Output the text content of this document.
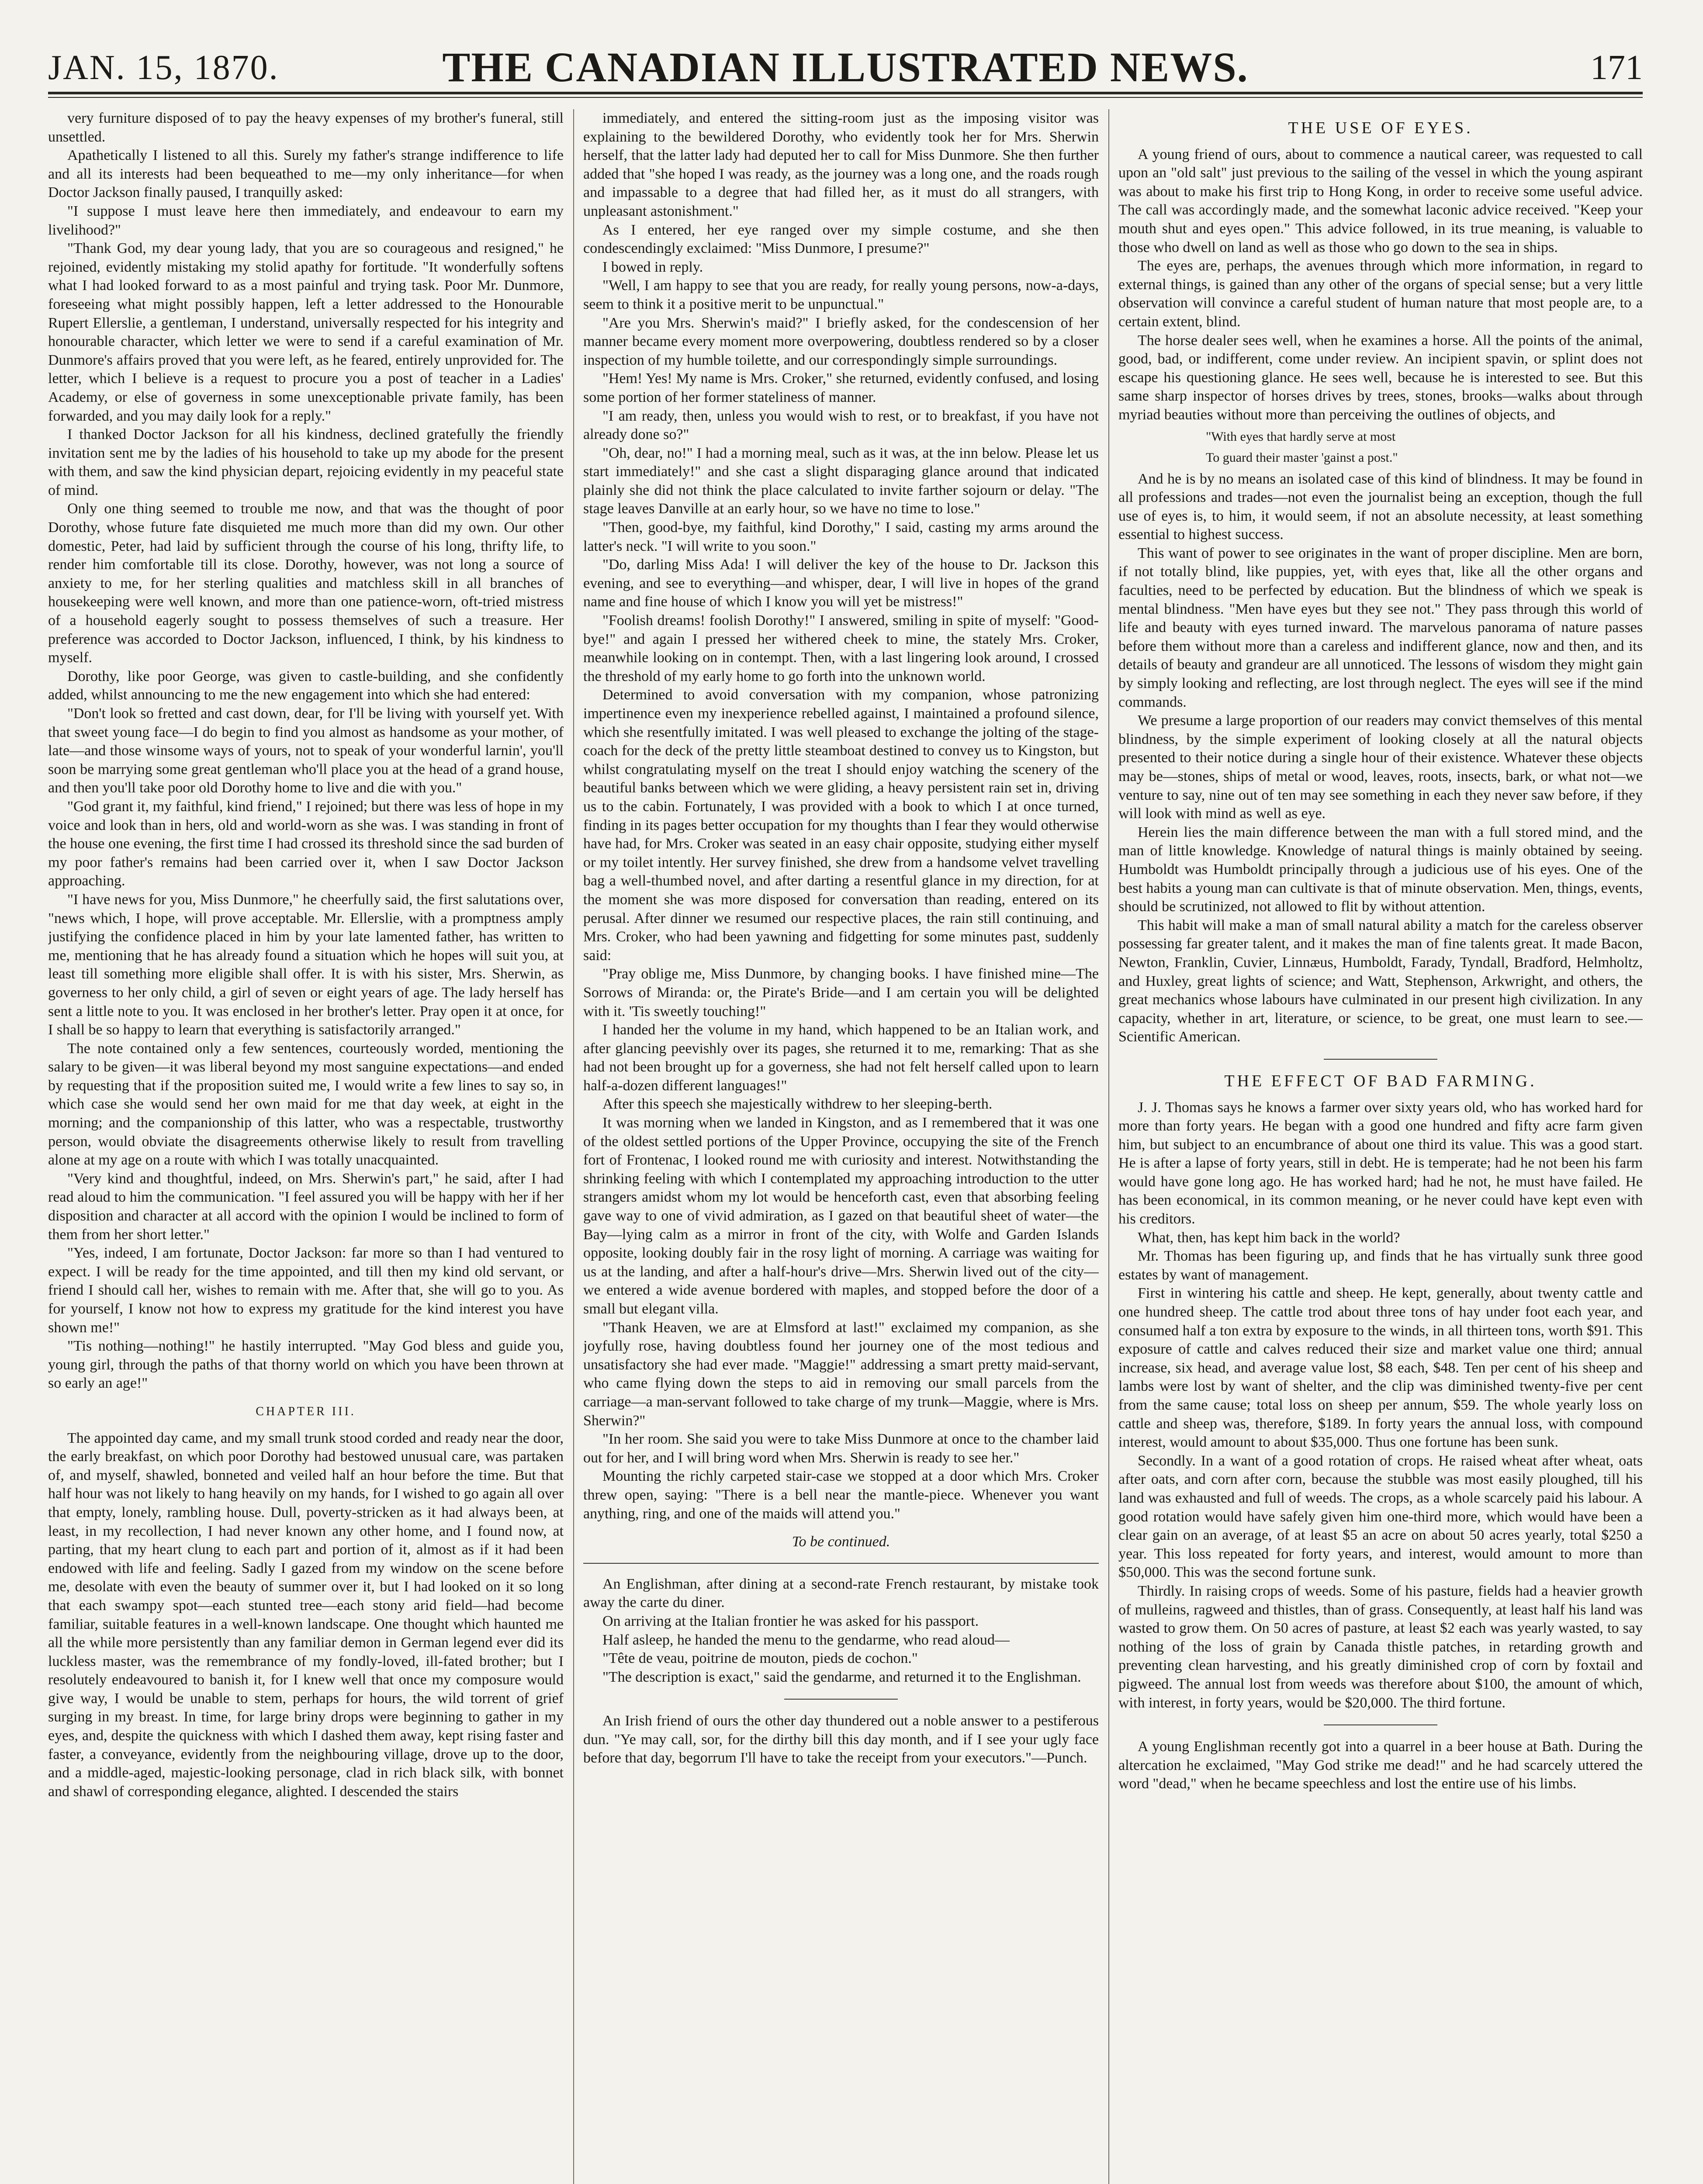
JAN. 15, 1870.	THE CANADIAN ILLUSTRATED NEWS.	171

very furniture disposed of to pay the heavy expenses of my brother's funeral, still unsettled.

Apathetically I listened to all this. Surely my father's strange indifference to life and all its interests had been bequeathed to me—my only inheritance—for when Doctor Jackson finally paused, I tranquilly asked:

"I suppose I must leave here then immediately, and endeavour to earn my livelihood?"

"Thank God, my dear young lady, that you are so courageous and resigned," he rejoined, evidently mistaking my stolid apathy for fortitude. "It wonderfully softens what I had looked forward to as a most painful and trying task. Poor Mr. Dunmore, foreseeing what might possibly happen, left a letter addressed to the Honourable Rupert Ellerslie, a gentleman, I understand, universally respected for his integrity and honourable character, which letter we were to send if a careful examination of Mr. Dunmore's affairs proved that you were left, as he feared, entirely unprovided for. The letter, which I believe is a request to procure you a post of teacher in a Ladies' Academy, or else of governess in some unexceptionable private family, has been forwarded, and you may daily look for a reply."

I thanked Doctor Jackson for all his kindness, declined gratefully the friendly invitation sent me by the ladies of his household to take up my abode for the present with them, and saw the kind physician depart, rejoicing evidently in my peaceful state of mind.

Only one thing seemed to trouble me now, and that was the thought of poor Dorothy, whose future fate disquieted me much more than did my own. Our other domestic, Peter, had laid by sufficient through the course of his long, thrifty life, to render him comfortable till its close. Dorothy, however, was not long a source of anxiety to me, for her sterling qualities and matchless skill in all branches of housekeeping were well known, and more than one patience-worn, oft-tried mistress of a household eagerly sought to possess themselves of such a treasure. Her preference was accorded to Doctor Jackson, influenced, I think, by his kindness to myself.

Dorothy, like poor George, was given to castle-building, and she confidently added, whilst announcing to me the new engagement into which she had entered:

"Don't look so fretted and cast down, dear, for I'll be living with yourself yet. With that sweet young face—I do begin to find you almost as handsome as your mother, of late—and those winsome ways of yours, not to speak of your wonderful larnin', you'll soon be marrying some great gentleman who'll place you at the head of a grand house, and then you'll take poor old Dorothy home to live and die with you."

"God grant it, my faithful, kind friend," I rejoined; but there was less of hope in my voice and look than in hers, old and world-worn as she was. I was standing in front of the house one evening, the first time I had crossed its threshold since the sad burden of my poor father's remains had been carried over it, when I saw Doctor Jackson approaching.

"I have news for you, Miss Dunmore," he cheerfully said, the first salutations over, "news which, I hope, will prove acceptable. Mr. Ellerslie, with a promptness amply justifying the confidence placed in him by your late lamented father, has written to me, mentioning that he has already found a situation which he hopes will suit you, at least till something more eligible shall offer. It is with his sister, Mrs. Sherwin, as governess to her only child, a girl of seven or eight years of age. The lady herself has sent a little note to you. It was enclosed in her brother's letter. Pray open it at once, for I shall be so happy to learn that everything is satisfactorily arranged."

The note contained only a few sentences, courteously worded, mentioning the salary to be given—it was liberal beyond my most sanguine expectations—and ended by requesting that if the proposition suited me, I would write a few lines to say so, in which case she would send her own maid for me that day week, at eight in the morning; and the companionship of this latter, who was a respectable, trustworthy person, would obviate the disagreements otherwise likely to result from travelling alone at my age on a route with which I was totally unacquainted.

"Very kind and thoughtful, indeed, on Mrs. Sherwin's part," he said, after I had read aloud to him the communication. "I feel assured you will be happy with her if her disposition and character at all accord with the opinion I would be inclined to form of them from her short letter."

"Yes, indeed, I am fortunate, Doctor Jackson: far more so than I had ventured to expect. I will be ready for the time appointed, and till then my kind old servant, or friend I should call her, wishes to remain with me. After that, she will go to you. As for yourself, I know not how to express my gratitude for the kind interest you have shown me!"

"Tis nothing—nothing!" he hastily interrupted. "May God bless and guide you, young girl, through the paths of that thorny world on which you have been thrown at so early an age!"

CHAPTER III.

The appointed day came, and my small trunk stood corded and ready near the door, the early breakfast, on which poor Dorothy had bestowed unusual care, was partaken of, and myself, shawled, bonneted and veiled half an hour before the time. But that half hour was not likely to hang heavily on my hands, for I wished to go again all over that empty, lonely, rambling house. Dull, poverty-stricken as it had always been, at least, in my recollection, I had never known any other home, and I found now, at parting, that my heart clung to each part and portion of it, almost as if it had been endowed with life and feeling. Sadly I gazed from my window on the scene before me, desolate with even the beauty of summer over it, but I had looked on it so long that each swampy spot—each stunted tree—each stony arid field—had become familiar, suitable features in a well-known landscape. One thought which haunted me all the while more persistently than any familiar demon in German legend ever did its luckless master, was the remembrance of my fondly-loved, ill-fated brother; but I resolutely endeavoured to banish it, for I knew well that once my composure would give way, I would be unable to stem, perhaps for hours, the wild torrent of grief surging in my breast. In time, for large briny drops were beginning to gather in my eyes, and, despite the quickness with which I dashed them away, kept rising faster and faster, a conveyance, evidently from the neighbouring village, drove up to the door, and a middle-aged, majestic-looking personage, clad in rich black silk, with bonnet and shawl of corresponding elegance, alighted. I descended the stairs

immediately, and entered the sitting-room just as the imposing visitor was explaining to the bewildered Dorothy, who evidently took her for Mrs. Sherwin herself, that the latter lady had deputed her to call for Miss Dunmore. She then further added that "she hoped I was ready, as the journey was a long one, and the roads rough and impassable to a degree that had filled her, as it must do all strangers, with unpleasant astonishment."

As I entered, her eye ranged over my simple costume, and she then condescendingly exclaimed: "Miss Dunmore, I presume?"

I bowed in reply.

"Well, I am happy to see that you are ready, for really young persons, now-a-days, seem to think it a positive merit to be unpunctual."

"Are you Mrs. Sherwin's maid?" I briefly asked, for the condescension of her manner became every moment more overpowering, doubtless rendered so by a closer inspection of my humble toilette, and our correspondingly simple surroundings.

"Hem! Yes! My name is Mrs. Croker," she returned, evidently confused, and losing some portion of her former stateliness of manner.

"I am ready, then, unless you would wish to rest, or to breakfast, if you have not already done so?"

"Oh, dear, no!" I had a morning meal, such as it was, at the inn below. Please let us start immediately!" and she cast a slight disparaging glance around that indicated plainly she did not think the place calculated to invite farther sojourn or delay. "The stage leaves Danville at an early hour, so we have no time to lose."

"Then, good-bye, my faithful, kind Dorothy," I said, casting my arms around the latter's neck. "I will write to you soon."

"Do, darling Miss Ada! I will deliver the key of the house to Dr. Jackson this evening, and see to everything—and whisper, dear, I will live in hopes of the grand name and fine house of which I know you will yet be mistress!"

"Foolish dreams! foolish Dorothy!" I answered, smiling in spite of myself: "Good-bye!" and again I pressed her withered cheek to mine, the stately Mrs. Croker, meanwhile looking on in contempt. Then, with a last lingering look around, I crossed the threshold of my early home to go forth into the unknown world.

Determined to avoid conversation with my companion, whose patronizing impertinence even my inexperience rebelled against, I maintained a profound silence, which she resentfully imitated. I was well pleased to exchange the jolting of the stage-coach for the deck of the pretty little steamboat destined to convey us to Kingston, but whilst congratulating myself on the treat I should enjoy watching the scenery of the beautiful banks between which we were gliding, a heavy persistent rain set in, driving us to the cabin. Fortunately, I was provided with a book to which I at once turned, finding in its pages better occupation for my thoughts than I fear they would otherwise have had, for Mrs. Croker was seated in an easy chair opposite, studying either myself or my toilet intently. Her survey finished, she drew from a handsome velvet travelling bag a well-thumbed novel, and after darting a resentful glance in my direction, for at the moment she was more disposed for conversation than reading, entered on its perusal. After dinner we resumed our respective places, the rain still continuing, and Mrs. Croker, who had been yawning and fidgetting for some minutes past, suddenly said:

"Pray oblige me, Miss Dunmore, by changing books. I have finished mine—The Sorrows of Miranda: or, the Pirate's Bride—and I am certain you will be delighted with it. 'Tis sweetly touching!"

I handed her the volume in my hand, which happened to be an Italian work, and after glancing peevishly over its pages, she returned it to me, remarking: That as she had not been brought up for a governess, she had not felt herself called upon to learn half-a-dozen different languages!"

After this speech she majestically withdrew to her sleeping-berth.

It was morning when we landed in Kingston, and as I remembered that it was one of the oldest settled portions of the Upper Province, occupying the site of the French fort of Frontenac, I looked round me with curiosity and interest. Notwithstanding the shrinking feeling with which I contemplated my approaching introduction to the utter strangers amidst whom my lot would be henceforth cast, even that absorbing feeling gave way to one of vivid admiration, as I gazed on that beautiful sheet of water—the Bay—lying calm as a mirror in front of the city, with Wolfe and Garden Islands opposite, looking doubly fair in the rosy light of morning. A carriage was waiting for us at the landing, and after a half-hour's drive—Mrs. Sherwin lived out of the city—we entered a wide avenue bordered with maples, and stopped before the door of a small but elegant villa.

"Thank Heaven, we are at Elmsford at last!" exclaimed my companion, as she joyfully rose, having doubtless found her journey one of the most tedious and unsatisfactory she had ever made. "Maggie!" addressing a smart pretty maid-servant, who came flying down the steps to aid in removing our small parcels from the carriage—a man-servant followed to take charge of my trunk—Maggie, where is Mrs. Sherwin?"

"In her room. She said you were to take Miss Dunmore at once to the chamber laid out for her, and I will bring word when Mrs. Sherwin is ready to see her."

Mounting the richly carpeted stair-case we stopped at a door which Mrs. Croker threw open, saying: "There is a bell near the mantle-piece. Whenever you want anything, ring, and one of the maids will attend you."

To be continued.

An Englishman, after dining at a second-rate French restaurant, by mistake took away the carte du diner.

On arriving at the Italian frontier he was asked for his passport.

Half asleep, he handed the menu to the gendarme, who read aloud—

"Tête de veau, poitrine de mouton, pieds de cochon."

"The description is exact," said the gendarme, and returned it to the Englishman.

An Irish friend of ours the other day thundered out a noble answer to a pestiferous dun. "Ye may call, sor, for the dirthy bill this day month, and if I see your ugly face before that day, begorrum I'll have to take the receipt from your executors."—Punch.

THE USE OF EYES.

A young friend of ours, about to commence a nautical career, was requested to call upon an "old salt" just previous to the sailing of the vessel in which the young aspirant was about to make his first trip to Hong Kong, in order to receive some useful advice. The call was accordingly made, and the somewhat laconic advice received. "Keep your mouth shut and eyes open." This advice followed, in its true meaning, is valuable to those who dwell on land as well as those who go down to the sea in ships.

The eyes are, perhaps, the avenues through which more information, in regard to external things, is gained than any other of the organs of special sense; but a very little observation will convince a careful student of human nature that most people are, to a certain extent, blind.

The horse dealer sees well, when he examines a horse. All the points of the animal, good, bad, or indifferent, come under review. An incipient spavin, or splint does not escape his questioning glance. He sees well, because he is interested to see. But this same sharp inspector of horses drives by trees, stones, brooks—walks about through myriad beauties without more than perceiving the outlines of objects, and

"With eyes that hardly serve at most

To guard their master 'gainst a post."

And he is by no means an isolated case of this kind of blindness. It may be found in all professions and trades—not even the journalist being an exception, though the full use of eyes is, to him, it would seem, if not an absolute necessity, at least something essential to highest success.

This want of power to see originates in the want of proper discipline. Men are born, if not totally blind, like puppies, yet, with eyes that, like all the other organs and faculties, need to be perfected by education. But the blindness of which we speak is mental blindness. "Men have eyes but they see not." They pass through this world of life and beauty with eyes turned inward. The marvelous panorama of nature passes before them without more than a careless and indifferent glance, now and then, and its details of beauty and grandeur are all unnoticed. The lessons of wisdom they might gain by simply looking and reflecting, are lost through neglect. The eyes will see if the mind commands.

We presume a large proportion of our readers may convict themselves of this mental blindness, by the simple experiment of looking closely at all the natural objects presented to their notice during a single hour of their existence. Whatever these objects may be—stones, ships of metal or wood, leaves, roots, insects, bark, or what not—we venture to say, nine out of ten may see something in each they never saw before, if they will look with mind as well as eye.

Herein lies the main difference between the man with a full stored mind, and the man of little knowledge. Knowledge of natural things is mainly obtained by seeing. Humboldt was Humboldt principally through a judicious use of his eyes. One of the best habits a young man can cultivate is that of minute observation. Men, things, events, should be scrutinized, not allowed to flit by without attention.

This habit will make a man of small natural ability a match for the careless observer possessing far greater talent, and it makes the man of fine talents great. It made Bacon, Newton, Franklin, Cuvier, Linnæus, Humboldt, Farady, Tyndall, Bradford, Helmholtz, and Huxley, great lights of science; and Watt, Stephenson, Arkwright, and others, the great mechanics whose labours have culminated in our present high civilization. In any capacity, whether in art, literature, or science, to be great, one must learn to see.—Scientific American.

THE EFFECT OF BAD FARMING.

J. J. Thomas says he knows a farmer over sixty years old, who has worked hard for more than forty years. He began with a good one hundred and fifty acre farm given him, but subject to an encumbrance of about one third its value. This was a good start. He is after a lapse of forty years, still in debt. He is temperate; had he not been his farm would have gone long ago. He has worked hard; had he not, he must have failed. He has been economical, in its common meaning, or he never could have kept even with his creditors.

What, then, has kept him back in the world?

Mr. Thomas has been figuring up, and finds that he has virtually sunk three good estates by want of management.

First in wintering his cattle and sheep. He kept, generally, about twenty cattle and one hundred sheep. The cattle trod about three tons of hay under foot each year, and consumed half a ton extra by exposure to the winds, in all thirteen tons, worth $91. This exposure of cattle and calves reduced their size and market value one third; annual increase, six head, and average value lost, $8 each, $48. Ten per cent of his sheep and lambs were lost by want of shelter, and the clip was diminished twenty-five per cent from the same cause; total loss on sheep per annum, $59. The whole yearly loss on cattle and sheep was, therefore, $189. In forty years the annual loss, with compound interest, would amount to about $35,000. Thus one fortune has been sunk.

Secondly. In a want of a good rotation of crops. He raised wheat after wheat, oats after oats, and corn after corn, because the stubble was most easily ploughed, till his land was exhausted and full of weeds. The crops, as a whole scarcely paid his labour. A good rotation would have safely given him one-third more, which would have been a clear gain on an average, of at least $5 an acre on about 50 acres yearly, total $250 a year. This loss repeated for forty years, and interest, would amount to more than $50,000. This was the second fortune sunk.

Thirdly. In raising crops of weeds. Some of his pasture, fields had a heavier growth of mulleins, ragweed and thistles, than of grass. Consequently, at least half his land was wasted to grow them. On 50 acres of pasture, at least $2 each was yearly wasted, to say nothing of the loss of grain by Canada thistle patches, in retarding growth and preventing clean harvesting, and his greatly diminished crop of corn by foxtail and pigweed. The annual lost from weeds was therefore about $100, the amount of which, with interest, in forty years, would be $20,000. The third fortune.

A young Englishman recently got into a quarrel in a beer house at Bath. During the altercation he exclaimed, "May God strike me dead!" and he had scarcely uttered the word "dead," when he became speechless and lost the entire use of his limbs.
